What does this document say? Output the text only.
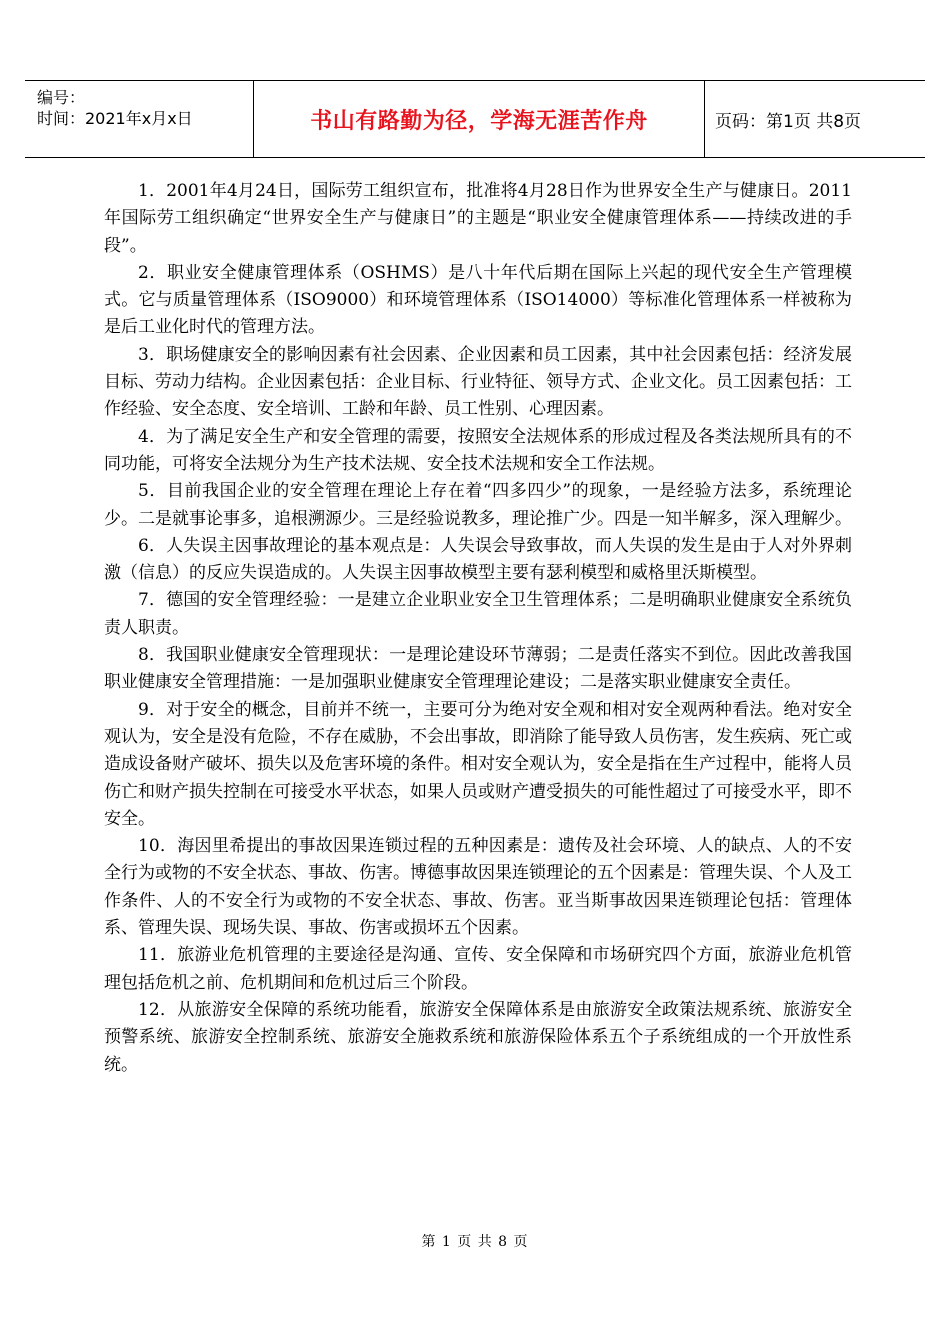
编号：
时间：2021年x月x日	书山有路勤为径，学海无涯苦作舟	页码：第1页 共8页

1．2001年4月24日，国际劳工组织宣布，批准将4月28日作为世界安全生产与健康日。2011年国际劳工组织确定“世界安全生产与健康日”的主题是“职业安全健康管理体系——持续改进的手段”。

2．职业安全健康管理体系（OSHMS）是八十年代后期在国际上兴起的现代安全生产管理模式。它与质量管理体系（ISO9000）和环境管理体系（ISO14000）等标准化管理体系一样被称为是后工业化时代的管理方法。

3．职场健康安全的影响因素有社会因素、企业因素和员工因素，其中社会因素包括：经济发展目标、劳动力结构。企业因素包括：企业目标、行业特征、领导方式、企业文化。员工因素包括：工作经验、安全态度、安全培训、工龄和年龄、员工性别、心理因素。

4．为了满足安全生产和安全管理的需要，按照安全法规体系的形成过程及各类法规所具有的不同功能，可将安全法规分为生产技术法规、安全技术法规和安全工作法规。

5．目前我国企业的安全管理在理论上存在着“四多四少”的现象，一是经验方法多，系统理论少。二是就事论事多，追根溯源少。三是经验说教多，理论推广少。四是一知半解多，深入理解少。

6．人失误主因事故理论的基本观点是：人失误会导致事故，而人失误的发生是由于人对外界刺激（信息）的反应失误造成的。人失误主因事故模型主要有瑟利模型和威格里沃斯模型。

7．德国的安全管理经验：一是建立企业职业安全卫生管理体系；二是明确职业健康安全系统负责人职责。

8．我国职业健康安全管理现状：一是理论建设环节薄弱；二是责任落实不到位。因此改善我国职业健康安全管理措施：一是加强职业健康安全管理理论建设；二是落实职业健康安全责任。

9．对于安全的概念，目前并不统一，主要可分为绝对安全观和相对安全观两种看法。绝对安全观认为，安全是没有危险，不存在威胁，不会出事故，即消除了能导致人员伤害，发生疾病、死亡或造成设备财产破坏、损失以及危害环境的条件。相对安全观认为，安全是指在生产过程中，能将人员伤亡和财产损失控制在可接受水平状态，如果人员或财产遭受损失的可能性超过了可接受水平，即不安全。

10．海因里希提出的事故因果连锁过程的五种因素是：遗传及社会环境、人的缺点、人的不安全行为或物的不安全状态、事故、伤害。博德事故因果连锁理论的五个因素是：管理失误、个人及工作条件、人的不安全行为或物的不安全状态、事故、伤害。亚当斯事故因果连锁理论包括：管理体系、管理失误、现场失误、事故、伤害或损坏五个因素。

11．旅游业危机管理的主要途径是沟通、宣传、安全保障和市场研究四个方面，旅游业危机管理包括危机之前、危机期间和危机过后三个阶段。

12．从旅游安全保障的系统功能看，旅游安全保障体系是由旅游安全政策法规系统、旅游安全预警系统、旅游安全控制系统、旅游安全施救系统和旅游保险体系五个子系统组成的一个开放性系统。

第 1 页 共 8 页
